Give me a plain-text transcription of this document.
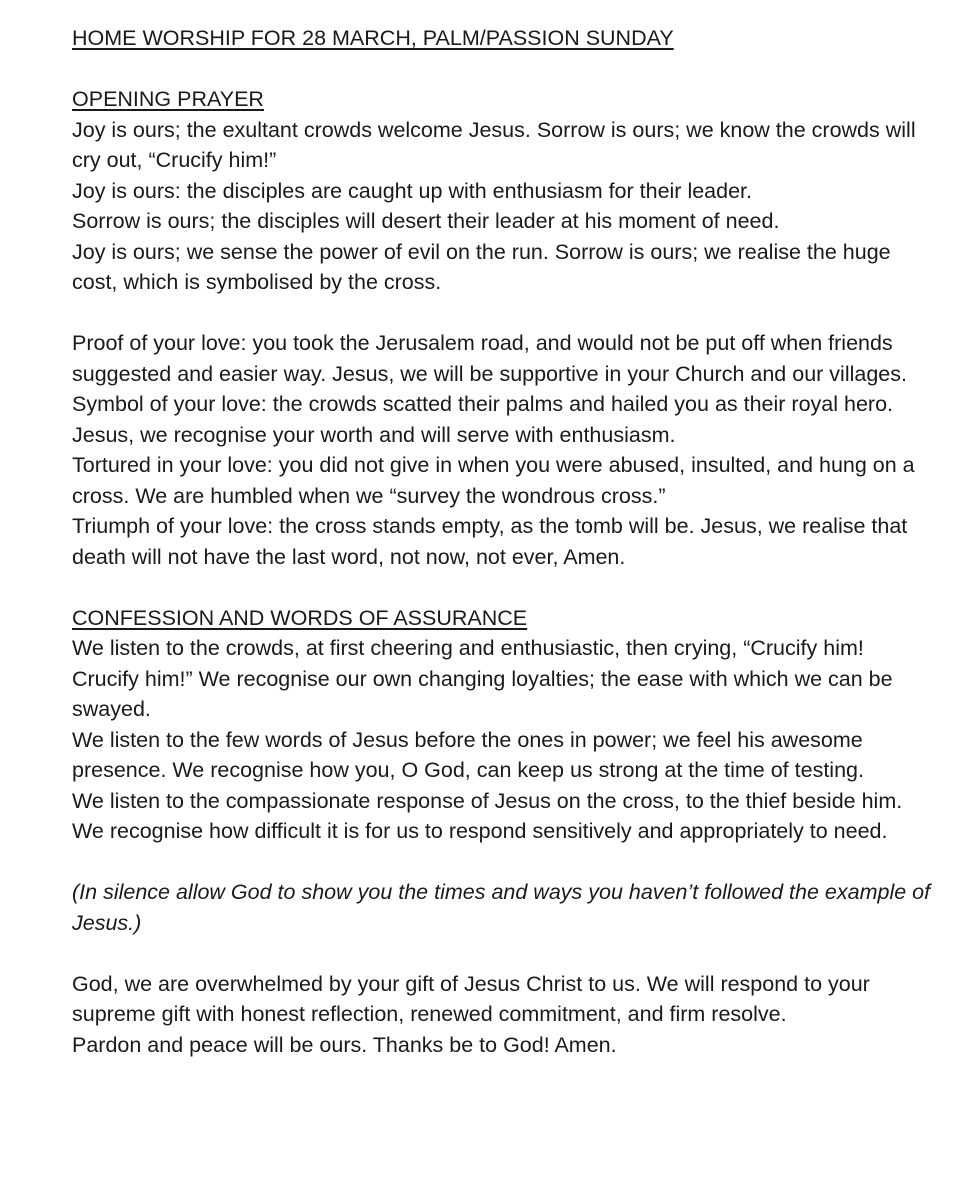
HOME WORSHIP FOR 28 MARCH, PALM/PASSION SUNDAY

OPENING PRAYER

Joy is ours; the exultant crowds welcome Jesus. Sorrow is ours; we know the crowds will cry out, “Crucify him!”

Joy is ours: the disciples are caught up with enthusiasm for their leader.

Sorrow is ours; the disciples will desert their leader at his moment of need.

Joy is ours; we sense the power of evil on the run. Sorrow is ours; we realise the huge cost, which is symbolised by the cross.

Proof of your love: you took the Jerusalem road, and would not be put off when friends suggested and easier way. Jesus, we will be supportive in your Church and our villages.

Symbol of your love: the crowds scatted their palms and hailed you as their royal hero. Jesus, we recognise your worth and will serve with enthusiasm.

Tortured in your love: you did not give in when you were abused, insulted, and hung on a cross. We are humbled when we “survey the wondrous cross.”

Triumph of your love: the cross stands empty, as the tomb will be. Jesus, we realise that death will not have the last word, not now, not ever, Amen.

CONFESSION AND WORDS OF ASSURANCE

We listen to the crowds, at first cheering and enthusiastic, then crying, “Crucify him! Crucify him!” We recognise our own changing loyalties; the ease with which we can be swayed.

We listen to the few words of Jesus before the ones in power; we feel his awesome presence. We recognise how you, O God, can keep us strong at the time of testing.

We listen to the compassionate response of Jesus on the cross, to the thief beside him. We recognise how difficult it is for us to respond sensitively and appropriately to need.

(In silence allow God to show you the times and ways you haven’t followed the example of Jesus.)

God, we are overwhelmed by your gift of Jesus Christ to us. We will respond to your supreme gift with honest reflection, renewed commitment, and firm resolve.

Pardon and peace will be ours. Thanks be to God! Amen.
